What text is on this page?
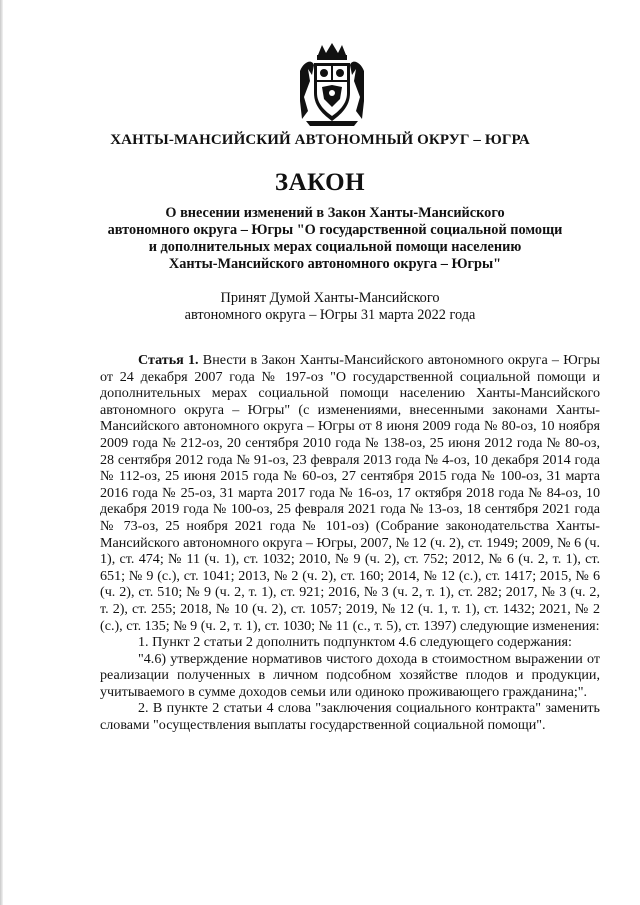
ХАНТЫ-МАНСИЙСКИЙ АВТОНОМНЫЙ ОКРУГ – ЮГРА
ЗАКОН
О внесении изменений в Закон Ханты-Мансийского
автономного округа – Югры "О государственной социальной помощи
и дополнительных мерах социальной помощи населению
Ханты-Мансийского автономного округа – Югры"
Принят Думой Ханты-Мансийского
автономного округа – Югры 31 марта 2022 года

Статья 1. Внести в Закон Ханты-Мансийского автономного округа – Югры от 24 декабря 2007 года № 197-оз "О государственной социальной помощи и дополнительных мерах социальной помощи населению Ханты-Мансийского автономного округа – Югры" (с изменениями, внесенными законами Ханты-Мансийского автономного округа – Югры от 8 июня 2009 года № 80-оз, 10 ноября 2009 года № 212-оз, 20 сентября 2010 года № 138-оз, 25 июня 2012 года № 80-оз, 28 сентября 2012 года № 91-оз, 23 февраля 2013 года № 4-оз, 10 декабря 2014 года № 112-оз, 25 июня 2015 года № 60-оз, 27 сентября 2015 года № 100-оз, 31 марта 2016 года № 25-оз, 31 марта 2017 года № 16-оз, 17 октября 2018 года № 84-оз, 10 декабря 2019 года № 100-оз, 25 февраля 2021 года № 13-оз, 18 сентября 2021 года № 73-оз, 25 ноября 2021 года № 101-оз) (Собрание законодательства Ханты-Мансийского автономного округа – Югры, 2007, № 12 (ч. 2), ст. 1949; 2009, № 6 (ч. 1), ст. 474; № 11 (ч. 1), ст. 1032; 2010, № 9 (ч. 2), ст. 752; 2012, № 6 (ч. 2, т. 1), ст. 651; № 9 (с.), ст. 1041; 2013, № 2 (ч. 2), ст. 160; 2014, № 12 (с.), ст. 1417; 2015, № 6 (ч. 2), ст. 510; № 9 (ч. 2, т. 1), ст. 921; 2016, № 3 (ч. 2, т. 1), ст. 282; 2017, № 3 (ч. 2, т. 2), ст. 255; 2018, № 10 (ч. 2), ст. 1057; 2019, № 12 (ч. 1, т. 1), ст. 1432; 2021, № 2 (с.), ст. 135; № 9 (ч. 2, т. 1), ст. 1030; № 11 (с., т. 5), ст. 1397) следующие изменения:

1. Пункт 2 статьи 2 дополнить подпунктом 4.6 следующего содержания:

"4.6) утверждение нормативов чистого дохода в стоимостном выражении от реализации полученных в личном подсобном хозяйстве плодов и продукции, учитываемого в сумме доходов семьи или одиноко проживающего гражданина;".

2. В пункте 2 статьи 4 слова "заключения социального контракта" заменить словами "осуществления выплаты государственной социальной помощи".
